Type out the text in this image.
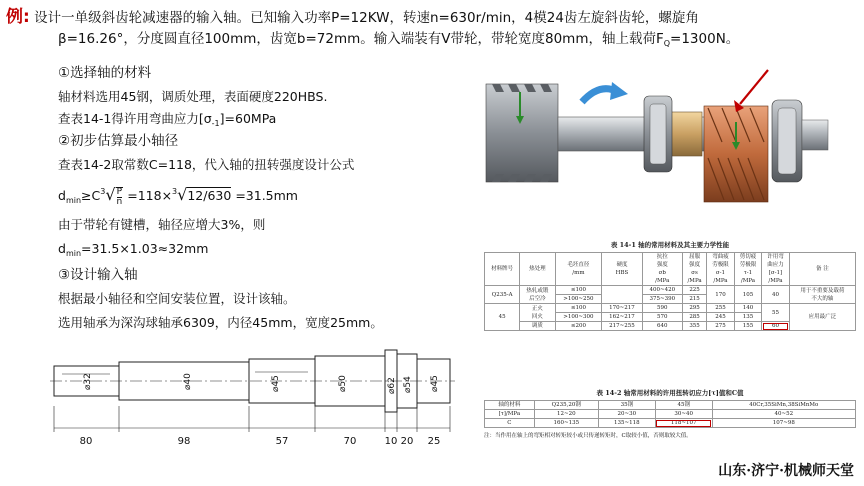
例: 设计一单级斜齿轮减速器的输入轴。已知输入功率P=12KW，转速n=630r/min，4模24齿左旋斜齿轮，螺旋角
β=16.26°，分度圆直径100mm，齿宽b=72mm。输入端装有V带轮，带轮宽度80mm，轴上载荷$F_Q=1300N$。
①选择轴的材料
轴材料选用45钢，调质处理，表面硬度220HBS.
查表14-1得许用弯曲应力$[\sigma_{-1}]=60MPa$
②初步估算最小轴径
查表14-2取常数C=118，代入轴的扭转强度设计公式
$d_{min}\ge C^3√ \frac{P}{n} =118\times^3√12/630 =31.5mm$
由于带轮有键槽，轴径应增大3%，则
$d_{min}=31.5\times 1.03\approx 32mm$
③设计输入轴
根据最小轴径和空间安装位置，设计该轴。
选用轴承为深沟球轴承6309，内径45mm，宽度25mm。
⌀32	⌀40	⌀45	⌀50	⌀62 ⌀54 ⌀45
80	98	57	70	10 20 25
表 14-1 轴的常用材料及其主要力学性能
材料牌号	热处理	毛坯直径
/mm	硬度
HBS	抗拉
强度
σb
/MPa	屈服
强度
σs
/MPa	弯曲疲
劳极限
σ-1
/MPa	剪切疲
劳极限
τ-1
/MPa	许用弯
曲应力
[σ-1]
/MPa	备 注
Q235-A	热轧或锻
后空冷	≤100		400~420	225	170	105	40	用于不重要及载荷
不大的轴
		>100~250		375~390	215				
45	正火
回火	≤100	170~217	590	295	255	140	55	应用最广泛
		>100~300	162~217	570	285	245	135		
	调质	≤200	217~255	640	355	275	155	60	
表 14-2 轴常用材料的许用扭转切应力[τ]值和C值
轴的材料	Q235,20钢	35钢	45钢	40Cr,35SiMn,38SiMnMo
[τ]/MPa	12~20	20~30	30~40	40~52
C	160~135	135~118	118~107	107~98
注：当作用在轴上的弯矩相对转矩较小或只传递转矩时，C取较小值，否则取较大值。
山东·济宁·机械师天堂
